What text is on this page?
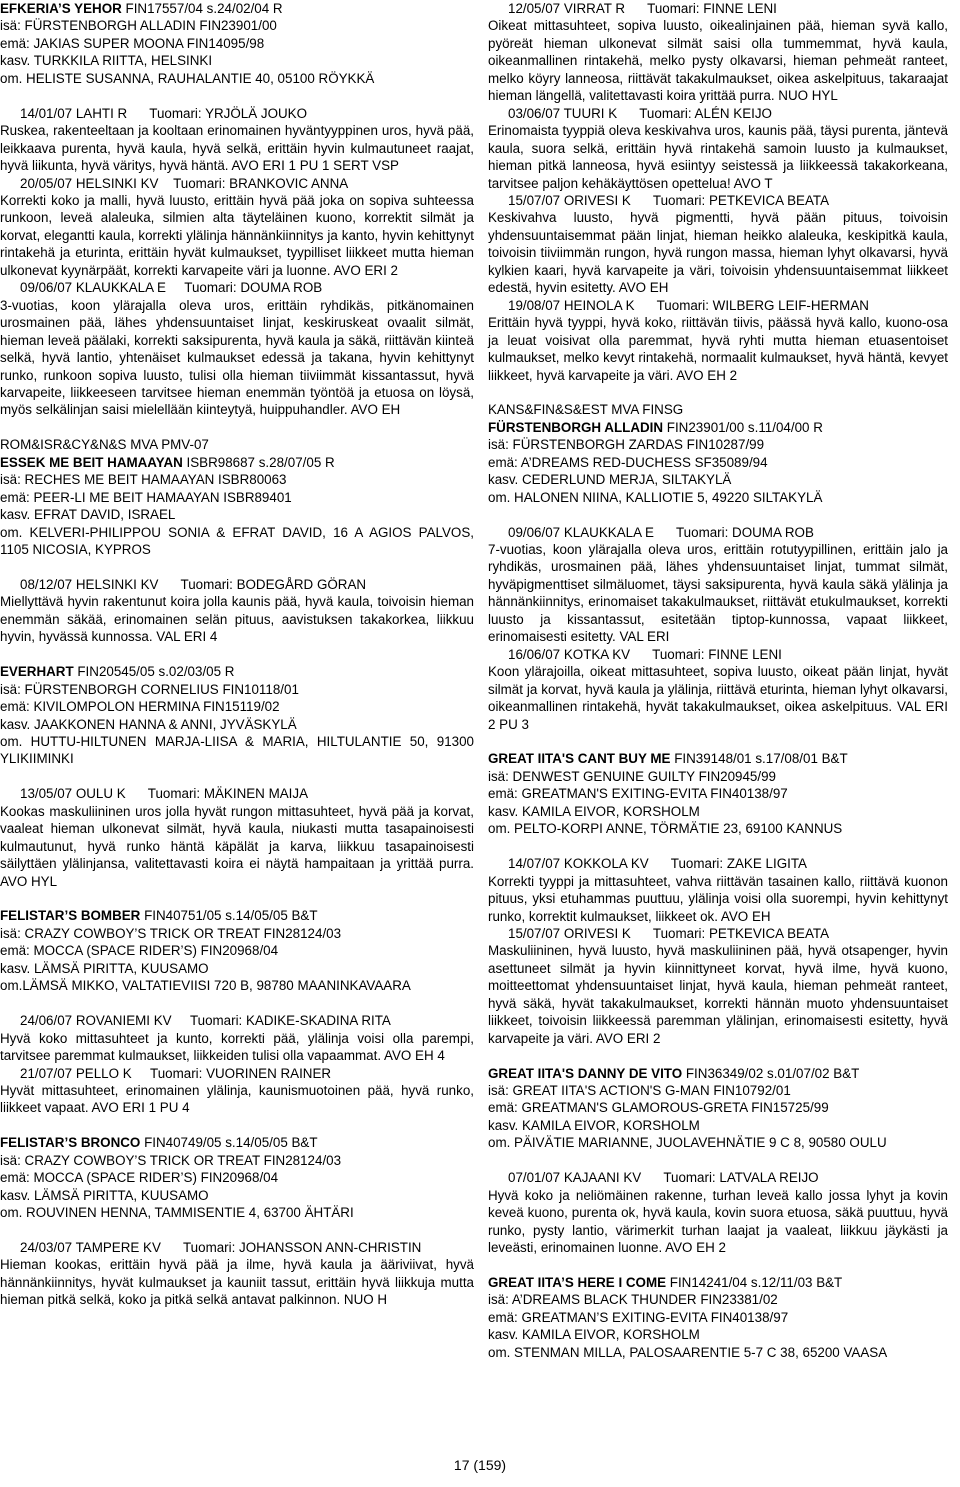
EFKERIA’S YEHOR FIN17557/04 s.24/02/04 R
isä: FÜRSTENBORGH ALLADIN FIN23901/00
emä: JAKIAS SUPER MOONA FIN14095/98
kasv. TURKKILA RIITTA, HELSINKI
om. HELISTE SUSANNA, RAUHALANTIE 40, 05100 RÖYKKÄ
14/01/07 LAHTI R      Tuomari: YRJÖLÄ JOUKO

Ruskea, rakenteeltaan ja kooltaan erinomainen hyväntyyppinen uros, hyvä pää, leikkaava purenta, hyvä kaula, hyvä selkä, erittäin hyvin kulmautuneet raajat, hyvä liikunta, hyvä väritys, hyvä häntä. AVO ERI 1 PU 1 SERT VSP

20/05/07 HELSINKI KV    Tuomari: BRANKOVIC ANNA

Korrekti koko ja malli, hyvä luusto, erittäin hyvä pää joka on sopiva suhteessa runkoon, leveä alaleuka, silmien alta täyteläinen kuono, korrektit silmät ja korvat, elegantti kaula, korrekti ylälinja hännänkiinnitys ja kanto, hyvin kehittynyt rintakehä ja eturinta, erittäin hyvät kulmaukset, tyypilliset liikkeet mutta hieman ulkonevat kyynärpäät, korrekti karvapeite väri ja luonne. AVO ERI 2

09/06/07 KLAUKKALA E     Tuomari: DOUMA ROB

3-vuotias, koon ylärajalla oleva uros, erittäin ryhdikäs, pitkänomainen urosmainen pää, lähes yhdensuuntaiset linjat, keskiruskeat ovaalit silmät, hieman leveä päälaki, korrekti saksipurenta, hyvä kaula ja säkä, riittävän kiinteä selkä, hyvä lantio, yhtenäiset kulmaukset edessä ja takana, hyvin kehittynyt runko, runkoon sopiva luusto, tulisi olla hieman tiiviimmät kissantassut, hyvä karvapeite, liikkeeseen tarvitsee hieman enemmän työntöä ja etuosa on löysä, myös selkälinjan saisi mielellään kiinteytyä, huippuhandler. AVO EH

ROM&ISR&CY&N&S MVA PMV-07
ESSEK ME BEIT HAMAAYAN ISBR98687 s.28/07/05 R
isä: RECHES ME BEIT HAMAAYAN ISBR80063
emä: PEER-LI ME BEIT HAMAAYAN ISBR89401
kasv. EFRAT DAVID, ISRAEL

om. KELVERI-PHILIPPOU SONIA & EFRAT DAVID, 16 A AGIOS PALVOS, 1105 NICOSIA, KYPROS

08/12/07 HELSINKI KV      Tuomari: BODEGÅRD GÖRAN

Miellyttävä hyvin rakentunut koira jolla kaunis pää, hyvä kaula, toivoisin hieman enemmän säkää, erinomainen selän pituus, aavistuksen takakorkea, liikkuu hyvin, hyvässä kunnossa. VAL ERI 4

EVERHART FIN20545/05 s.02/03/05 R
isä: FÜRSTENBORGH CORNELIUS FIN10118/01
emä: KIVILOMPOLON HERMINA FIN15119/02
kasv. JAAKKONEN HANNA & ANNI, JYVÄSKYLÄ

om. HUTTU-HILTUNEN MARJA-LIISA & MARIA, HILTULANTIE 50, 91300 YLIKIIMINKI

13/05/07 OULU K      Tuomari: MÄKINEN MAIJA

Kookas maskuliininen uros jolla hyvät rungon mittasuhteet, hyvä pää ja korvat, vaaleat hieman ulkonevat silmät, hyvä kaula, niukasti mutta tasapainoisesti kulmautunut, hyvä runko häntä käpälät ja karva, liikkuu tasapainoisesti säilyttäen ylälinjansa, valitettavasti koira ei näytä hampaitaan ja yrittää purra. AVO HYL

FELISTAR’S BOMBER FIN40751/05 s.14/05/05 B&T
isä: CRAZY COWBOY’S TRICK OR TREAT FIN28124/03
emä: MOCCA (SPACE RIDER’S) FIN20968/04
kasv. LÄMSÄ PIRITTA, KUUSAMO
om.LÄMSÄ MIKKO, VALTATIEVIISI 720 B, 98780 MAANINKAVAARA
24/06/07 ROVANIEMI KV     Tuomari: KADIKE-SKADINA RITA

Hyvä koko mittasuhteet ja kunto, korrekti pää, ylälinja voisi olla parempi, tarvitsee paremmat kulmaukset, liikkeiden tulisi olla vapaammat. AVO EH 4

21/07/07 PELLO K     Tuomari: VUORINEN RAINER

Hyvät mittasuhteet, erinomainen ylälinja, kaunismuotoinen pää, hyvä runko, liikkeet vapaat. AVO ERI 1 PU 4

FELISTAR’S BRONCO FIN40749/05 s.14/05/05 B&T
isä: CRAZY COWBOY’S TRICK OR TREAT FIN28124/03
emä: MOCCA (SPACE RIDER’S) FIN20968/04
kasv. LÄMSÄ PIRITTA, KUUSAMO
om. ROUVINEN HENNA, TAMMISENTIE 4, 63700 ÄHTÄRI
24/03/07 TAMPERE KV      Tuomari: JOHANSSON ANN-CHRISTIN

Hieman kookas, erittäin hyvä pää ja ilme, hyvä kaula ja ääriviivat, hyvä hännänkiinnitys, hyvät kulmaukset ja kauniit tassut, erittäin hyvä liikkuja mutta hieman pitkä selkä, koko ja pitkä selkä antavat palkinnon. NUO H

12/05/07 VIRRAT R      Tuomari: FINNE LENI

Oikeat mittasuhteet, sopiva luusto, oikealinjainen pää, hieman syvä kallo, pyöreät hieman ulkonevat silmät saisi olla tummemmat, hyvä kaula, oikeanmallinen rintakehä, melko pysty olkavarsi, hieman pehmeät ranteet, melko köyry lanneosa, riittävät takakulmaukset, oikea askelpituus, takaraajat hieman längellä, valitettavasti koira yrittää purra. NUO HYL

03/06/07 TUURI K      Tuomari: ALÉN KEIJO

Erinomaista tyyppiä oleva keskivahva uros, kaunis pää, täysi purenta, jäntevä kaula, suora selkä, erittäin hyvä rintakehä samoin luusto ja kulmaukset, hieman pitkä lanneosa, hyvä esiintyy seistessä ja liikkeessä takakorkeana, tarvitsee paljon kehäkäyttösen opettelua! AVO T

15/07/07 ORIVESI K      Tuomari: PETKEVICA BEATA

Keskivahva luusto, hyvä pigmentti, hyvä pään pituus, toivoisin yhdensuuntaisemmat pään linjat, hieman heikko alaleuka, keskipitkä kaula, toivoisin tiiviimmän rungon, hyvä rungon massa, hieman lyhyt olkavarsi, hyvä kylkien kaari, hyvä karvapeite ja väri, toivoisin yhdensuuntaisemmat liikkeet edestä, hyvin esitetty. AVO EH

19/08/07 HEINOLA K      Tuomari: WILBERG LEIF-HERMAN

Erittäin hyvä tyyppi, hyvä koko, riittävän tiivis, päässä hyvä kallo, kuono-osa ja leuat voisivat olla paremmat, hyvä ryhti mutta hieman etuasentoiset kulmaukset, melko kevyt rintakehä, normaalit kulmaukset, hyvä häntä, kevyet liikkeet, hyvä karvapeite ja väri. AVO EH 2

KANS&FIN&S&EST MVA FINSG
FÜRSTENBORGH ALLADIN FIN23901/00 s.11/04/00 R
isä: FÜRSTENBORGH ZARDAS FIN10287/99
emä: A’DREAMS RED-DUCHESS SF35089/94
kasv. CEDERLUND MERJA, SILTAKYLÄ
om. HALONEN NIINA, KALLIOTIE 5, 49220 SILTAKYLÄ
09/06/07 KLAUKKALA E      Tuomari: DOUMA ROB

7-vuotias, koon ylärajalla oleva uros, erittäin rotutyypillinen, erittäin jalo ja ryhdikäs, urosmainen pää, lähes yhdensuuntaiset linjat, tummat silmät, hyväpigmenttiset silmäluomet, täysi saksipurenta, hyvä kaula säkä ylälinja ja hännänkiinnitys, erinomaiset takakulmaukset, riittävät etukulmaukset, korrekti luusto ja kissantassut, esitetään tiptop-kunnossa, vapaat liikkeet, erinomaisesti esitetty. VAL ERI

16/06/07 KOTKA KV      Tuomari: FINNE LENI

Koon ylärajoilla, oikeat mittasuhteet, sopiva luusto, oikeat pään linjat, hyvät silmät ja korvat, hyvä kaula ja ylälinja, riittävä eturinta, hieman lyhyt olkavarsi, oikeanmallinen rintakehä, hyvät takakulmaukset, oikea askelpituus. VAL ERI 2 PU 3

GREAT IITA'S CANT BUY ME FIN39148/01 s.17/08/01 B&T
isä: DENWEST GENUINE GUILTY FIN20945/99
emä: GREATMAN'S EXITING-EVITA FIN40138/97
kasv. KAMILA EIVOR, KORSHOLM
om. PELTO-KORPI ANNE, TÖRMÄTIE 23, 69100 KANNUS
14/07/07 KOKKOLA KV      Tuomari: ZAKE LIGITA

Korrekti tyyppi ja mittasuhteet, vahva riittävän tasainen kallo, riittävä kuonon pituus, yksi etuhammas puuttuu, ylälinja voisi olla suorempi, hyvin kehittynyt runko, korrektit kulmaukset, liikkeet ok. AVO EH

15/07/07 ORIVESI K      Tuomari: PETKEVICA BEATA

Maskuliininen, hyvä luusto, hyvä maskuliininen pää, hyvä otsapenger, hyvin asettuneet silmät ja hyvin kiinnittyneet korvat, hyvä ilme, hyvä kuono, moitteettomat yhdensuuntaiset linjat, hyvä kaula, hieman pehmeät ranteet, hyvä säkä, hyvät takakulmaukset, korrekti hännän muoto yhdensuuntaiset liikkeet, toivoisin liikkeessä paremman ylälinjan, erinomaisesti esitetty, hyvä karvapeite ja väri. AVO ERI 2

GREAT IITA'S DANNY DE VITO FIN36349/02 s.01/07/02 B&T
isä: GREAT IITA'S ACTION'S G-MAN FIN10792/01
emä: GREATMAN'S GLAMOROUS-GRETA FIN15725/99
kasv. KAMILA EIVOR, KORSHOLM
om. PÄIVÄTIE MARIANNE, JUOLAVEHNÄTIE 9 C 8, 90580 OULU
07/01/07 KAJAANI KV      Tuomari: LATVALA REIJO

Hyvä koko ja neliömäinen rakenne, turhan leveä kallo jossa lyhyt ja kovin keveä kuono, purenta ok, hyvä kaula, kovin suora etuosa, säkä puuttuu, hyvä runko, pysty lantio, värimerkit turhan laajat ja vaaleat, liikkuu jäykästi ja leveästi, erinomainen luonne. AVO EH 2

GREAT IITA’S HERE I COME FIN14241/04 s.12/11/03 B&T
isä: A’DREAMS BLACK THUNDER FIN23381/02
emä: GREATMAN’S EXITING-EVITA FIN40138/97
kasv. KAMILA EIVOR, KORSHOLM
om. STENMAN MILLA, PALOSAARENTIE 5-7 C 38, 65200 VAASA
17 (159)
